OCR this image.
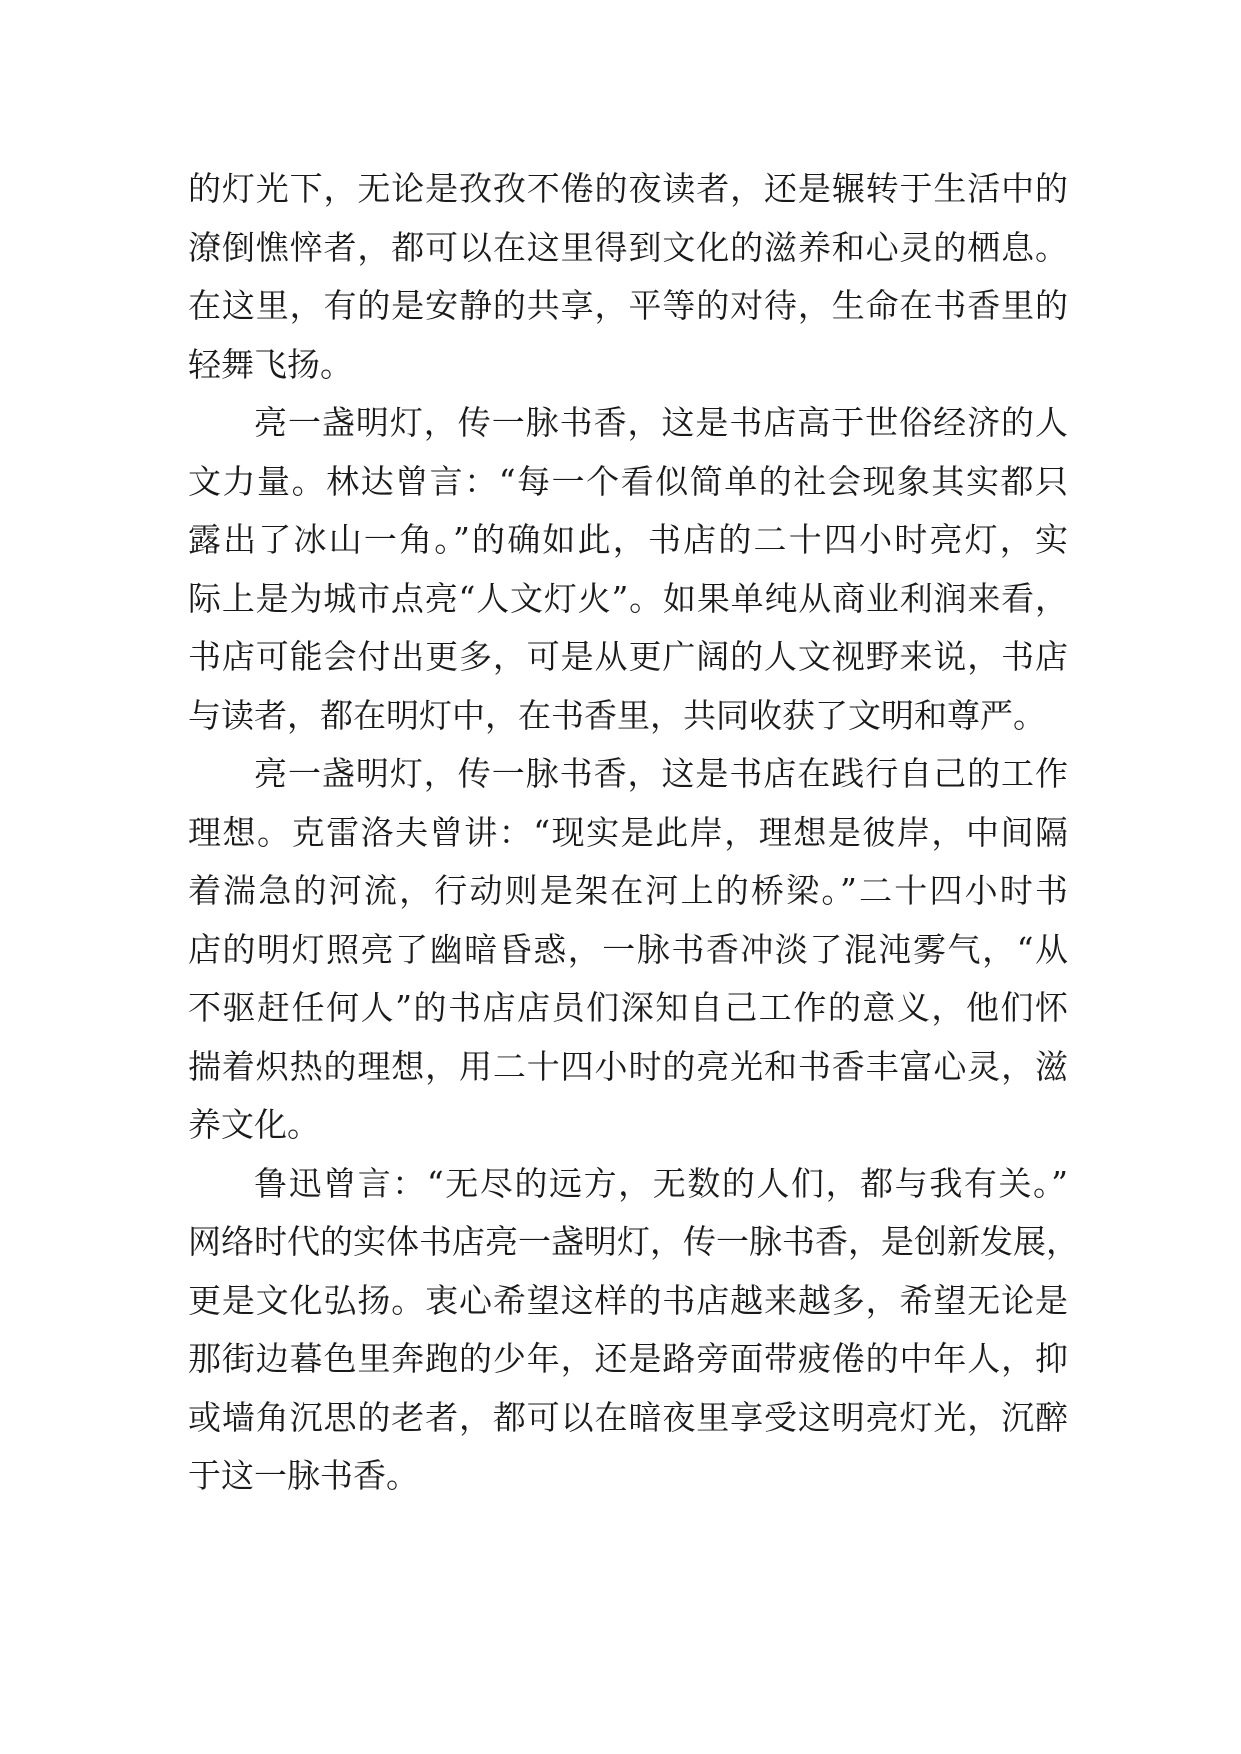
的灯光下，无论是孜孜不倦的夜读者，还是辗转于生活中的
潦倒憔悴者，都可以在这里得到文化的滋养和心灵的栖息。
在这里，有的是安静的共享，平等的对待，生命在书香里的
轻舞飞扬。
亮一盏明灯，传一脉书香，这是书店高于世俗经济的人
文力量。林达曾言：“每一个看似简单的社会现象其实都只
露出了冰山一角。”的确如此，书店的二十四小时亮灯，实
际上是为城市点亮“人文灯火”。如果单纯从商业利润来看，
书店可能会付出更多，可是从更广阔的人文视野来说，书店
与读者，都在明灯中，在书香里，共同收获了文明和尊严。
亮一盏明灯，传一脉书香，这是书店在践行自己的工作
理想。克雷洛夫曾讲：“现实是此岸，理想是彼岸，中间隔
着湍急的河流，行动则是架在河上的桥梁。”二十四小时书
店的明灯照亮了幽暗昏惑，一脉书香冲淡了混沌雾气，“从
不驱赶任何人”的书店店员们深知自己工作的意义，他们怀
揣着炽热的理想，用二十四小时的亮光和书香丰富心灵，滋
养文化。
鲁迅曾言：“无尽的远方，无数的人们，都与我有关。”
网络时代的实体书店亮一盏明灯，传一脉书香，是创新发展，
更是文化弘扬。衷心希望这样的书店越来越多，希望无论是
那街边暮色里奔跑的少年，还是路旁面带疲倦的中年人，抑
或墙角沉思的老者，都可以在暗夜里享受这明亮灯光，沉醉
于这一脉书香。
